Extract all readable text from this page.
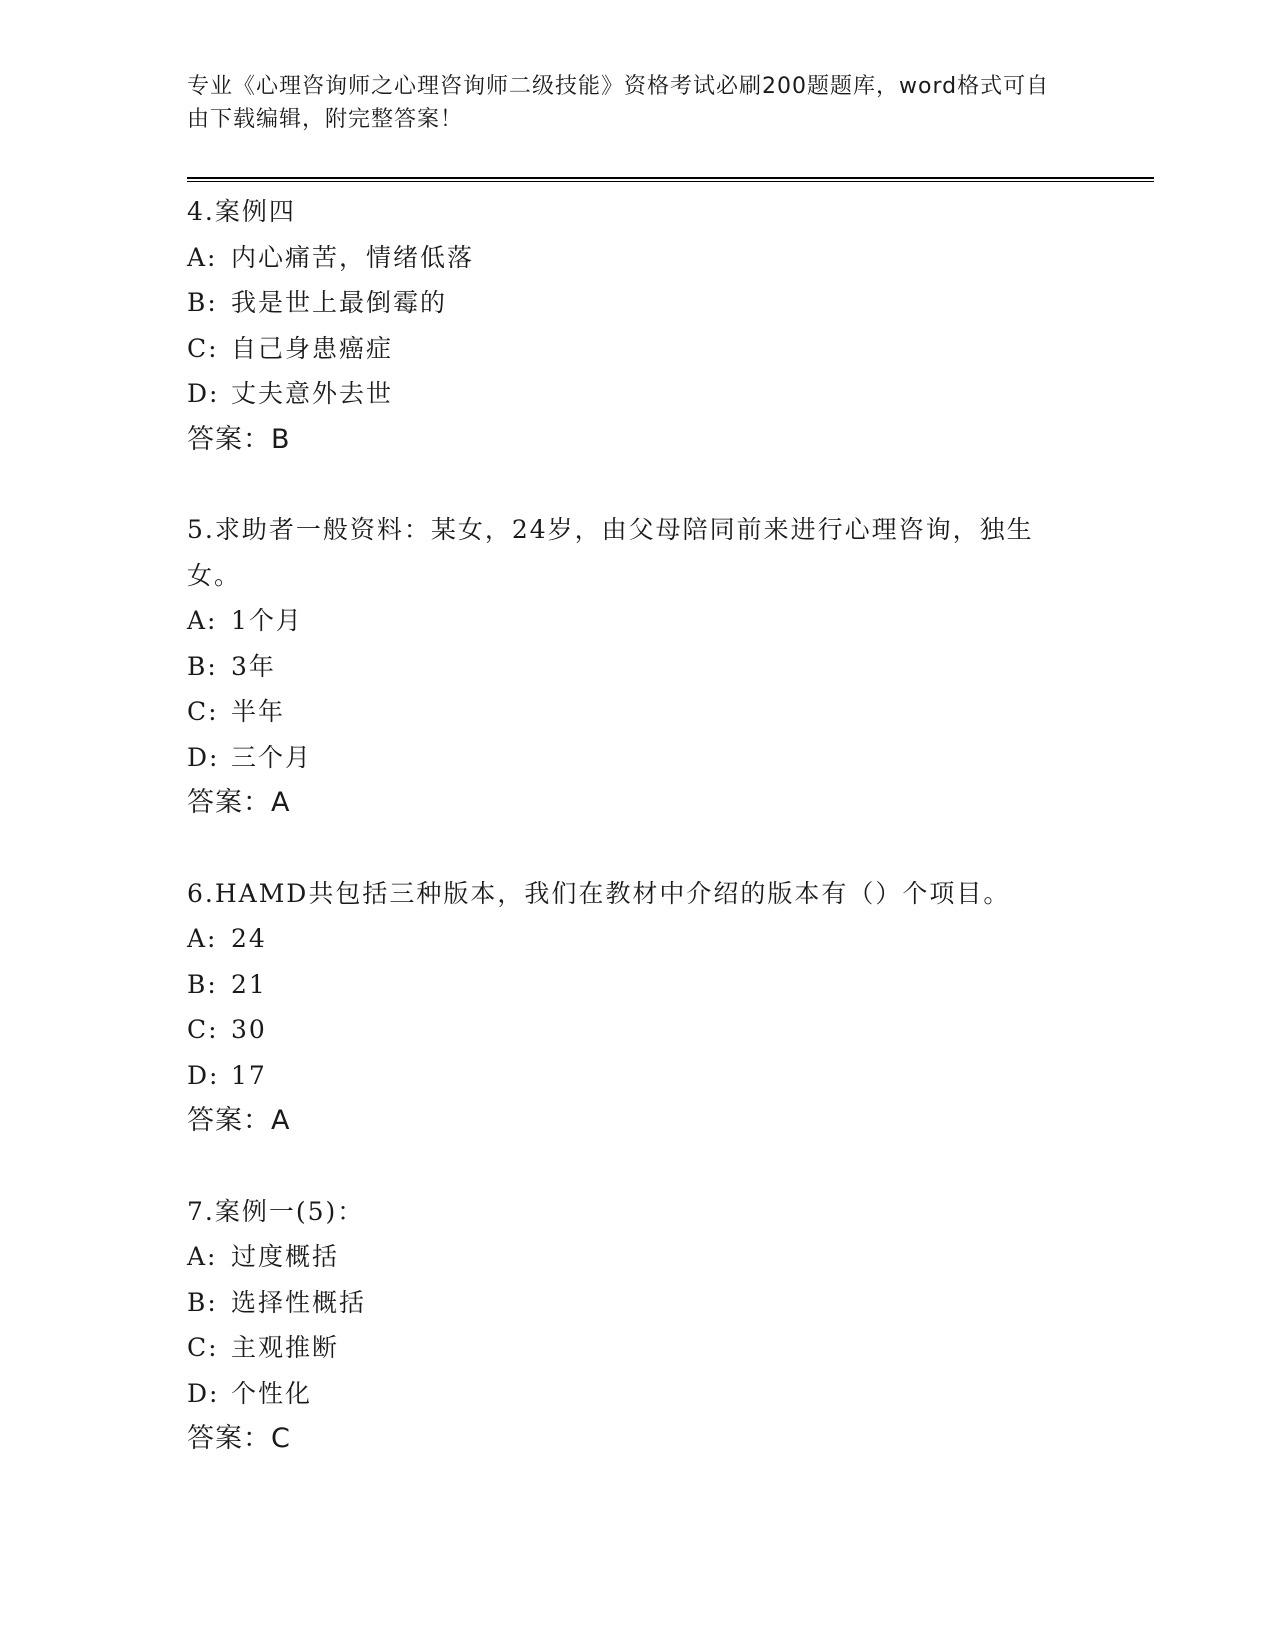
专业《心理咨询师之心理咨询师二级技能》资格考试必刷200题题库，word格式可自由下载编辑，附完整答案！

4.案例四

A: 内心痛苦，情绪低落

B: 我是世上最倒霉的

C: 自己身患癌症

D: 丈夫意外去世

答案：B

5.求助者一般资料：某女，24岁，由父母陪同前来进行心理咨询，独生女。

A: 1个月

B: 3年

C: 半年

D: 三个月

答案：A

6.HAMD共包括三种版本，我们在教材中介绍的版本有（）个项目。

A: 24

B: 21

C: 30

D: 17

答案：A

7.案例一(5)：

A: 过度概括

B: 选择性概括

C: 主观推断

D: 个性化

答案：C
